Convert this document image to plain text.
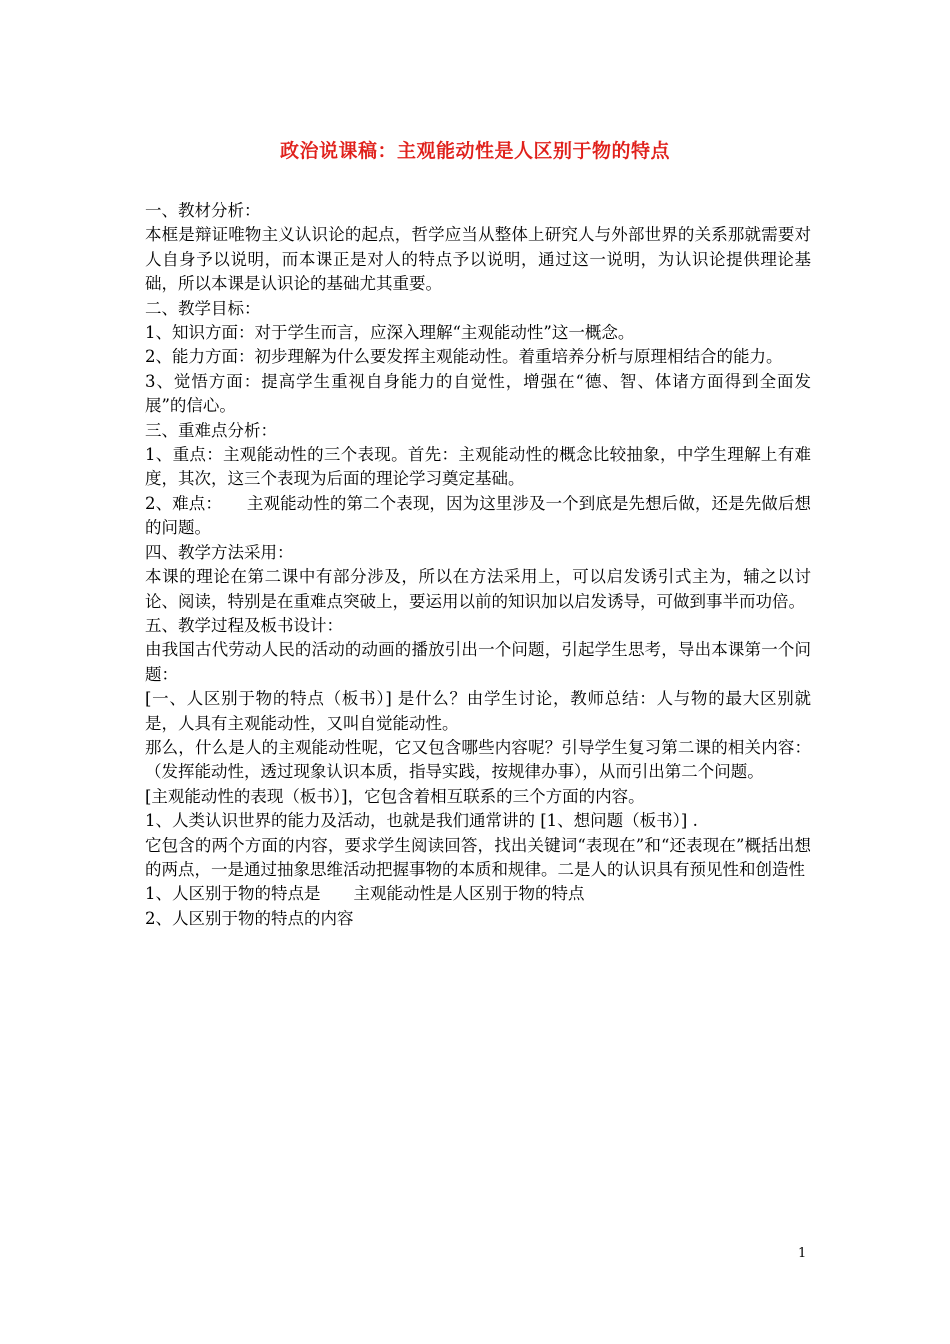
政治说课稿：主观能动性是人区别于物的特点

一、教材分析：

本框是辩证唯物主义认识论的起点，哲学应当从整体上研究人与外部世界的关系那就需要对人自身予以说明，而本课正是对人的特点予以说明，通过这一说明，为认识论提供理论基础，所以本课是认识论的基础尤其重要。

二、教学目标：

1、知识方面：对于学生而言，应深入理解“主观能动性”这一概念。

2、能力方面：初步理解为什么要发挥主观能动性。着重培养分析与原理相结合的能力。

3、觉悟方面：提高学生重视自身能力的自觉性，增强在“德、智、体诸方面得到全面发展”的信心。

三、重难点分析：

1、重点：主观能动性的三个表现。首先：主观能动性的概念比较抽象，中学生理解上有难度，其次，这三个表现为后面的理论学习奠定基础。

2、难点：　　主观能动性的第二个表现，因为这里涉及一个到底是先想后做，还是先做后想的问题。

四、教学方法采用：

本课的理论在第二课中有部分涉及，所以在方法采用上，可以启发诱引式主为，辅之以讨论、阅读，特别是在重难点突破上，要运用以前的知识加以启发诱导，可做到事半而功倍。

五、教学过程及板书设计：

由我国古代劳动人民的活动的动画的播放引出一个问题，引起学生思考，导出本课第一个问题：

[一、人区别于物的特点（板书）] 是什么？由学生讨论，教师总结：人与物的最大区别就是，人具有主观能动性，又叫自觉能动性。

那么，什么是人的主观能动性呢，它又包含哪些内容呢？引导学生复习第二课的相关内容：（发挥能动性，透过现象认识本质，指导实践，按规律办事），从而引出第二个问题。

[主观能动性的表现（板书）]，它包含着相互联系的三个方面的内容。

1、人类认识世界的能力及活动，也就是我们通常讲的 [1、想问题（板书）] .

它包含的两个方面的内容，要求学生阅读回答，找出关键词“表现在”和“还表现在”概括出想的两点，一是通过抽象思维活动把握事物的本质和规律。二是人的认识具有预见性和创造性

1、人区别于物的特点是　　主观能动性是人区别于物的特点

2、人区别于物的特点的内容

1
